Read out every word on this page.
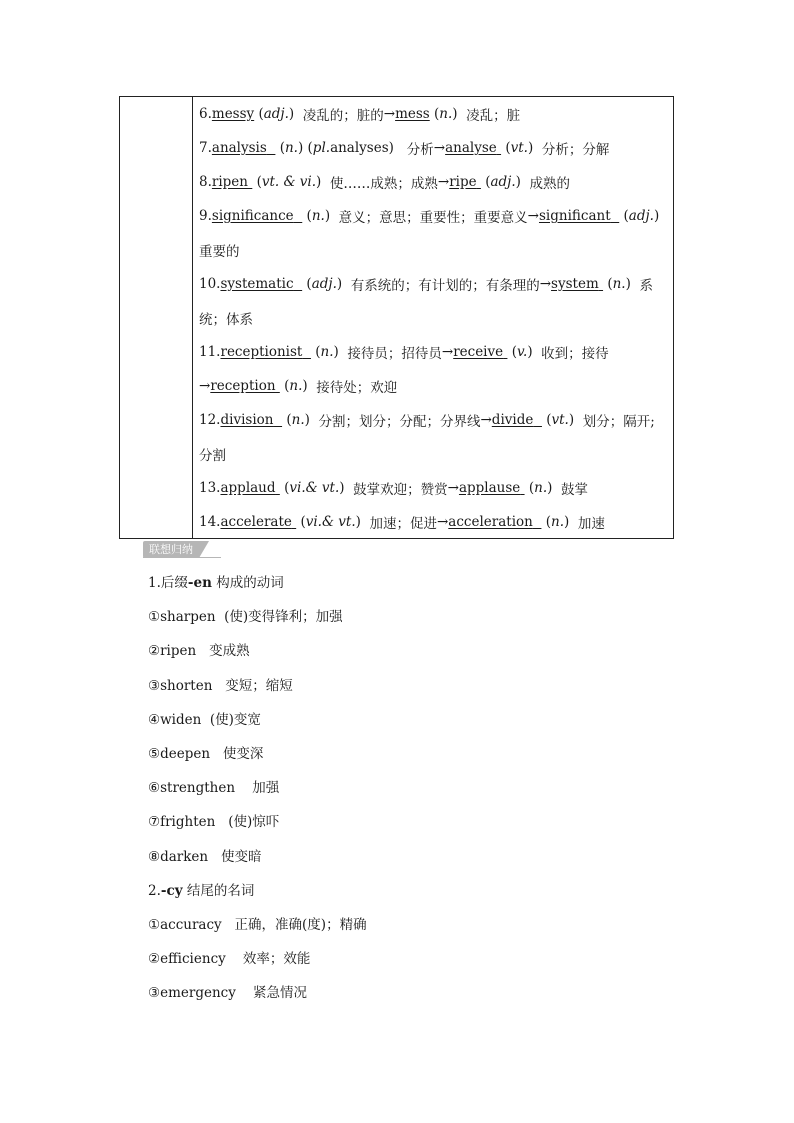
6. messy ( adj. ) 凌乱的；脏的 → mess ( n. ) 凌乱；脏
7. analysis
( n. ) ( pl. analyses ) 分析 → analyse
( vt. ) 分析；分解
8. ripen
( vt. & vi. ) 使……成熟；成熟 → ripe
( adj. ) 成熟的
9. significance
( n. ) 意义；意思；重要性；重要意义 → significant
( adj. )
重要的
10. systematic
( adj. ) 有系统的；有计划的；有条理的 → system
( n. ) 系
统；体系
11. receptionist
( n. ) 接待员；招待员 → receive
( v. ) 收到；接待
→ reception
( n. ) 接待处；欢迎
12. division
( n. ) 分割；划分；分配；分界线 → divide
( vt. ) 划分；隔开;
分割
13. applaud
( vi.& vt. ) 鼓掌欢迎；赞赏 → applause
( n. ) 鼓掌
14. accelerate
( vi.& vt. ) 加速；促进 → acceleration
( n. ) 加速
联想归纳
1.后缀-en 构成的动词
①sharpen  (使)变得锋利；加强
②ripen   变成熟
③shorten   变短；缩短
④widen  (使)变宽
⑤deepen   使变深
⑥strengthen    加强
⑦frighten   (使)惊吓
⑧darken   使变暗
2.-cy 结尾的名词
①accuracy   正确，准确(度)；精确
②efficiency    效率；效能
③emergency    紧急情况
